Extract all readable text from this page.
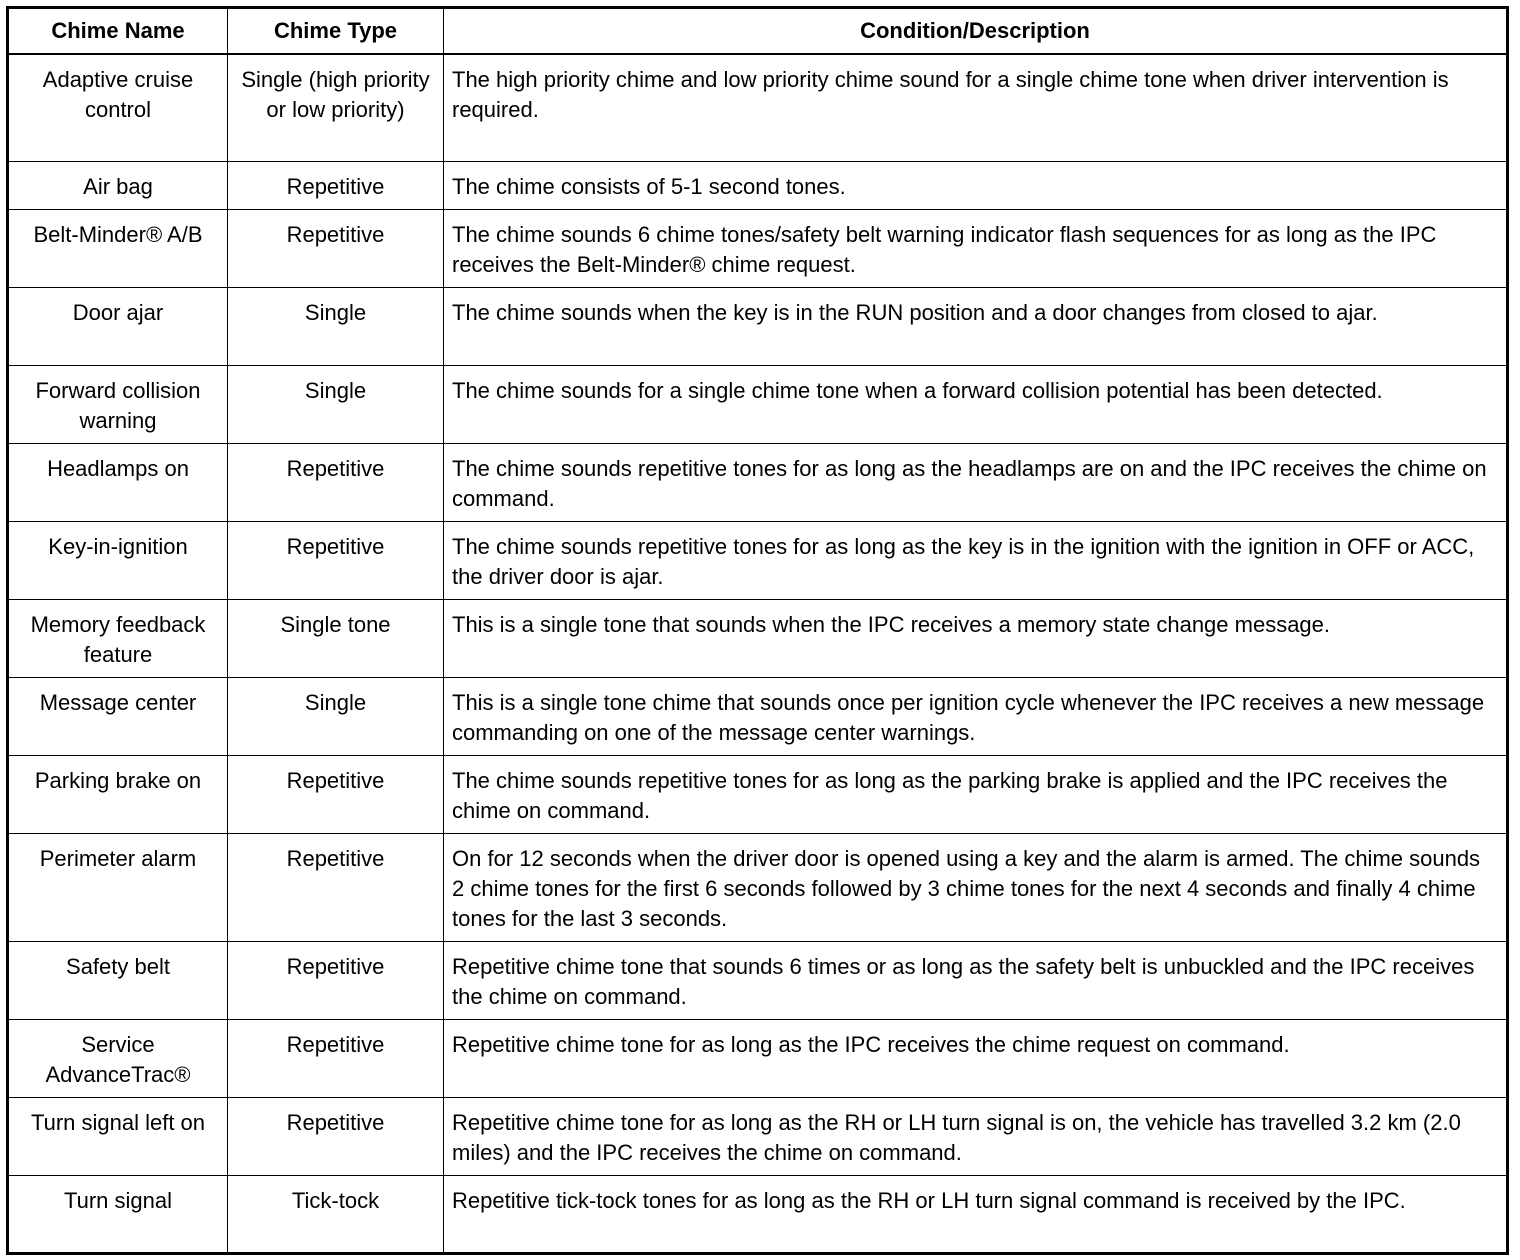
Chime Name	Chime Type	Condition/Description
Adaptive cruise control	Single (high priority or low priority)	The high priority chime and low priority chime sound for a single chime tone when driver intervention is required.
Air bag	Repetitive	The chime consists of 5-1 second tones.
Belt-Minder® A/B	Repetitive	The chime sounds 6 chime tones/safety belt warning indicator flash sequences for as long as the IPC receives the Belt-Minder® chime request.
Door ajar	Single	The chime sounds when the key is in the RUN position and a door changes from closed to ajar.
Forward collision warning	Single	The chime sounds for a single chime tone when a forward collision potential has been detected.
Headlamps on	Repetitive	The chime sounds repetitive tones for as long as the headlamps are on and the IPC receives the chime on command.
Key-in-ignition	Repetitive	The chime sounds repetitive tones for as long as the key is in the ignition with the ignition in OFF or ACC, the driver door is ajar.
Memory feedback feature	Single tone	This is a single tone that sounds when the IPC receives a memory state change message.
Message center	Single	This is a single tone chime that sounds once per ignition cycle whenever the IPC receives a new message commanding on one of the message center warnings.
Parking brake on	Repetitive	The chime sounds repetitive tones for as long as the parking brake is applied and the IPC receives the chime on command.
Perimeter alarm	Repetitive	On for 12 seconds when the driver door is opened using a key and the alarm is armed. The chime sounds 2 chime tones for the first 6 seconds followed by 3 chime tones for the next 4 seconds and finally 4 chime tones for the last 3 seconds.
Safety belt	Repetitive	Repetitive chime tone that sounds 6 times or as long as the safety belt is unbuckled and the IPC receives the chime on command.
Service AdvanceTrac®	Repetitive	Repetitive chime tone for as long as the IPC receives the chime request on command.
Turn signal left on	Repetitive	Repetitive chime tone for as long as the RH or LH turn signal is on, the vehicle has travelled 3.2 km (2.0 miles) and the IPC receives the chime on command.
Turn signal	Tick-tock	Repetitive tick-tock tones for as long as the RH or LH turn signal command is received by the IPC.
